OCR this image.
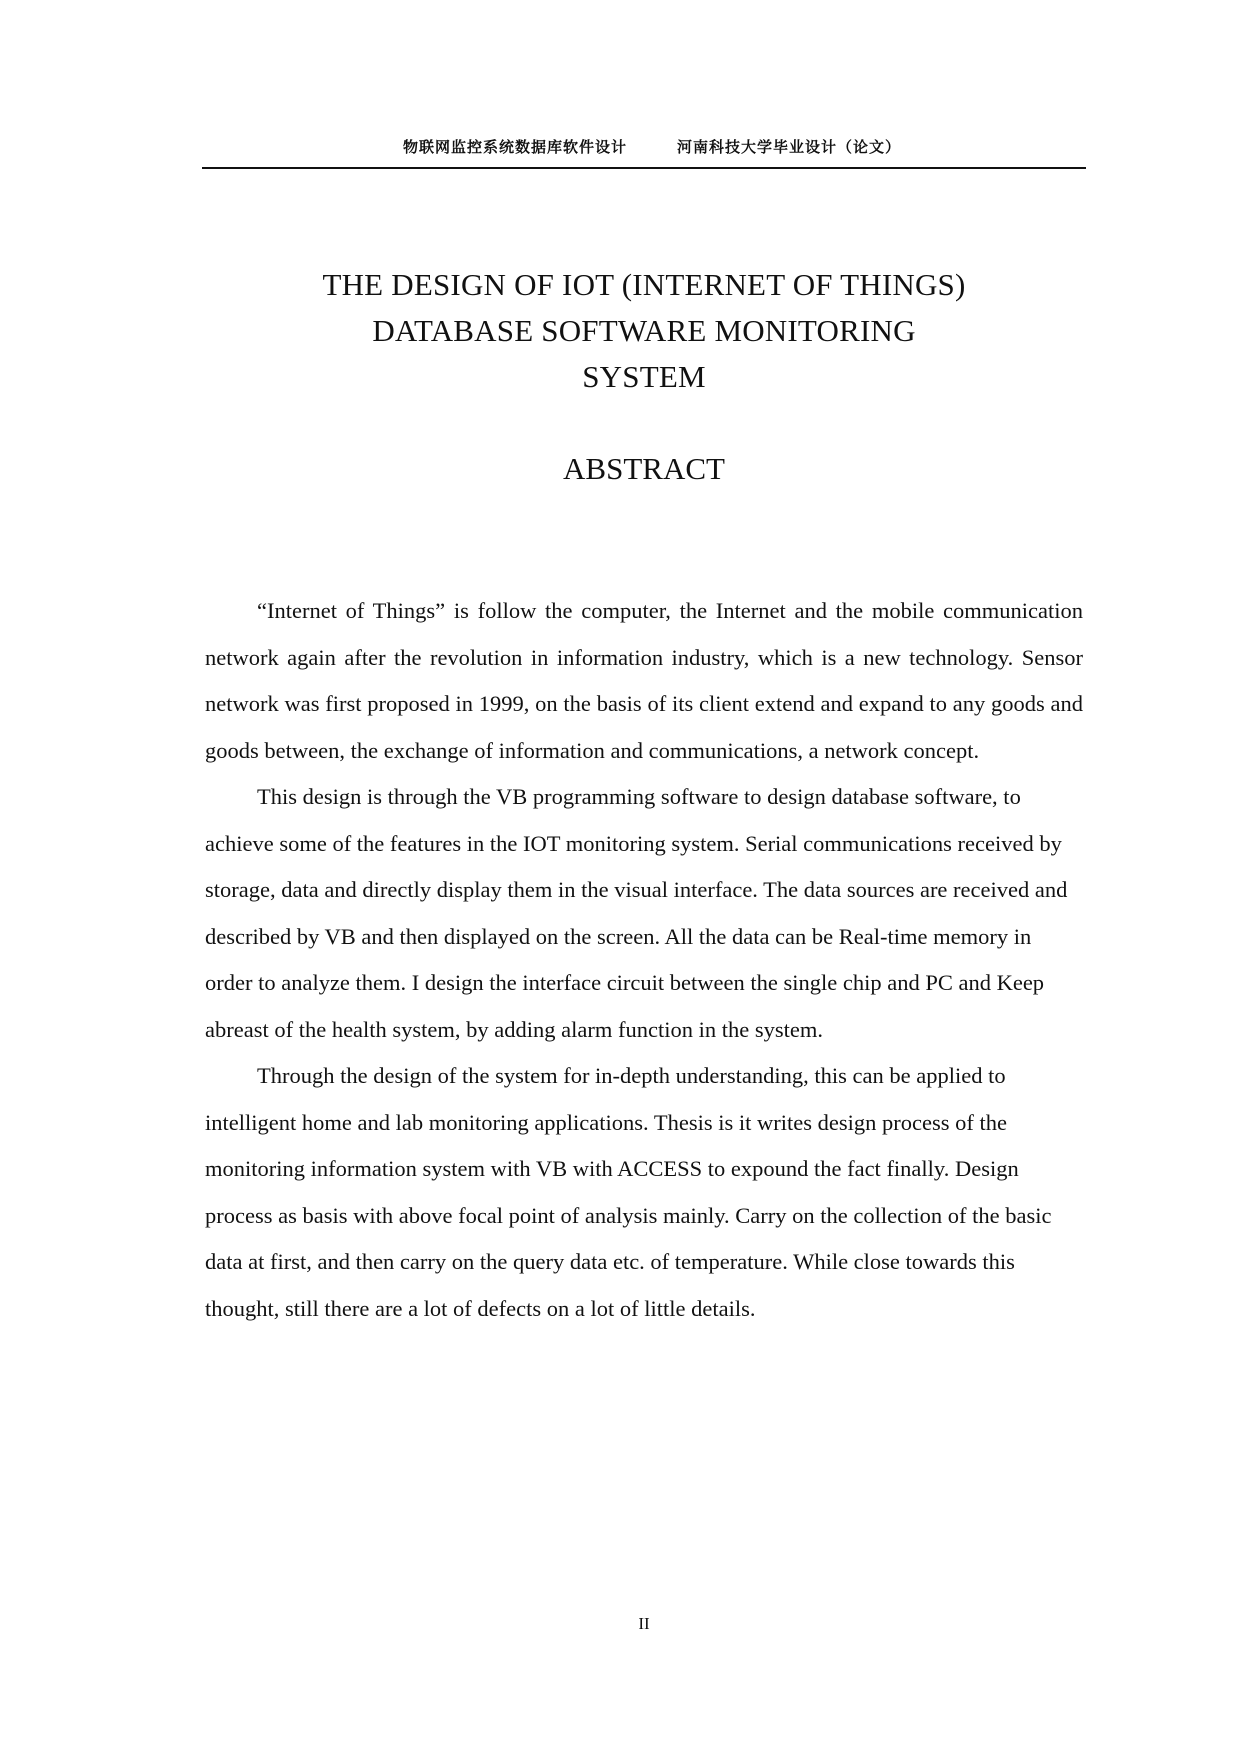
物联网监控系统数据库软件设计	河南科技大学毕业设计（论文）
THE DESIGN OF IOT (INTERNET OF THINGS)
DATABASE SOFTWARE MONITORING
SYSTEM
ABSTRACT

“Internet of Things” is follow the computer, the Internet and the mobile communication network again after the revolution in information industry, which is a new technology. Sensor network was first proposed in 1999, on the basis of its client extend and expand to any goods and goods between, the exchange of information and communications, a network concept.

This design is through the VB programming software to design database software, to achieve some of the features in the IOT monitoring system. Serial communications received by storage, data and directly display them in the visual interface. The data sources are received and described by VB and then displayed on the screen. All the data can be Real-time memory in order to analyze them. I design the interface circuit between the single chip and PC and Keep abreast of the health system, by adding alarm function in the system.

Through the design of the system for in-depth understanding, this can be applied to intelligent home and lab monitoring applications. Thesis is it writes design process of the monitoring information system with VB with ACCESS to expound the fact finally. Design process as basis with above focal point of analysis mainly. Carry on the collection of the basic data at first, and then carry on the query data etc. of temperature. While close towards this thought, still there are a lot of defects on a lot of little details.

II
